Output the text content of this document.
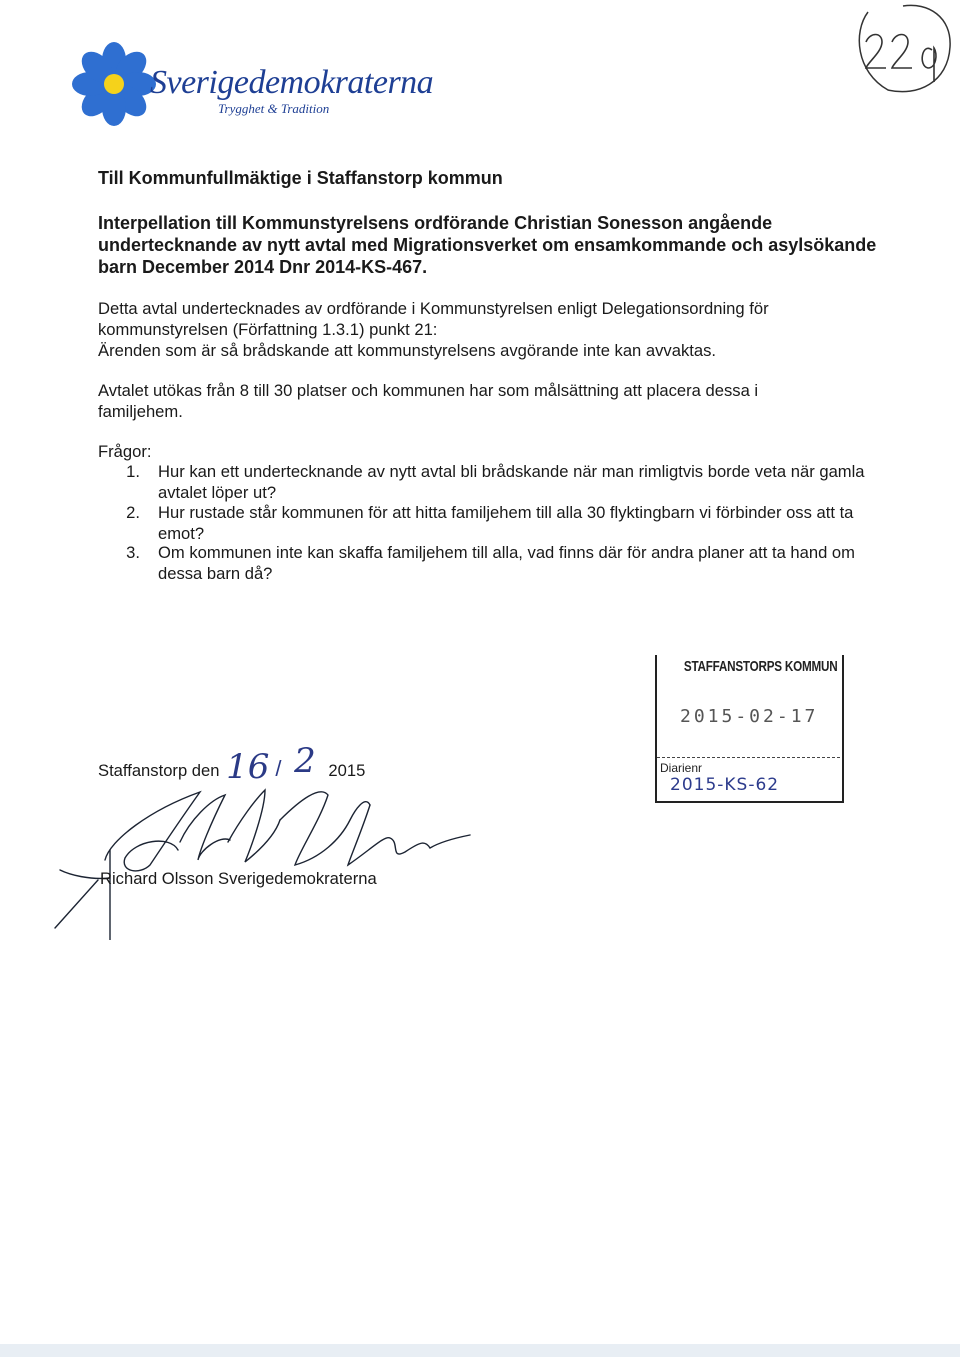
Sverigedemokraterna
Trygghet & Tradition
Till Kommunfullmäktige i Staffanstorp kommun
Interpellation till Kommunstyrelsens ordförande Christian Sonesson angående undertecknande av nytt avtal med Migrationsverket om ensamkommande och asylsökande barn December 2014 Dnr 2014-KS-467.
Detta avtal undertecknades av ordförande i Kommunstyrelsen enligt Delegationsordning för kommunstyrelsen (Författning 1.3.1) punkt 21:
Ärenden som är så brådskande att kommunstyrelsens avgörande inte kan avvaktas.
Avtalet utökas från 8 till 30 platser och kommunen har som målsättning att placera dessa i familjehem.
Frågor:
1. Hur kan ett undertecknande av nytt avtal bli brådskande när man rimligtvis borde veta när gamla avtalet löper ut?
2. Hur rustade står kommunen för att hitta familjehem till alla 30 flyktingbarn vi förbinder oss att ta emot?
3. Om kommunen inte kan skaffa familjehem till alla, vad finns där för andra planer att ta hand om dessa barn då?
STAFFANSTORPS KOMMUN
2015-02-17
Diarienr
2015-KS-62
Staffanstorp den 16 / 2 2015
Richard Olsson Sverigedemokraterna
